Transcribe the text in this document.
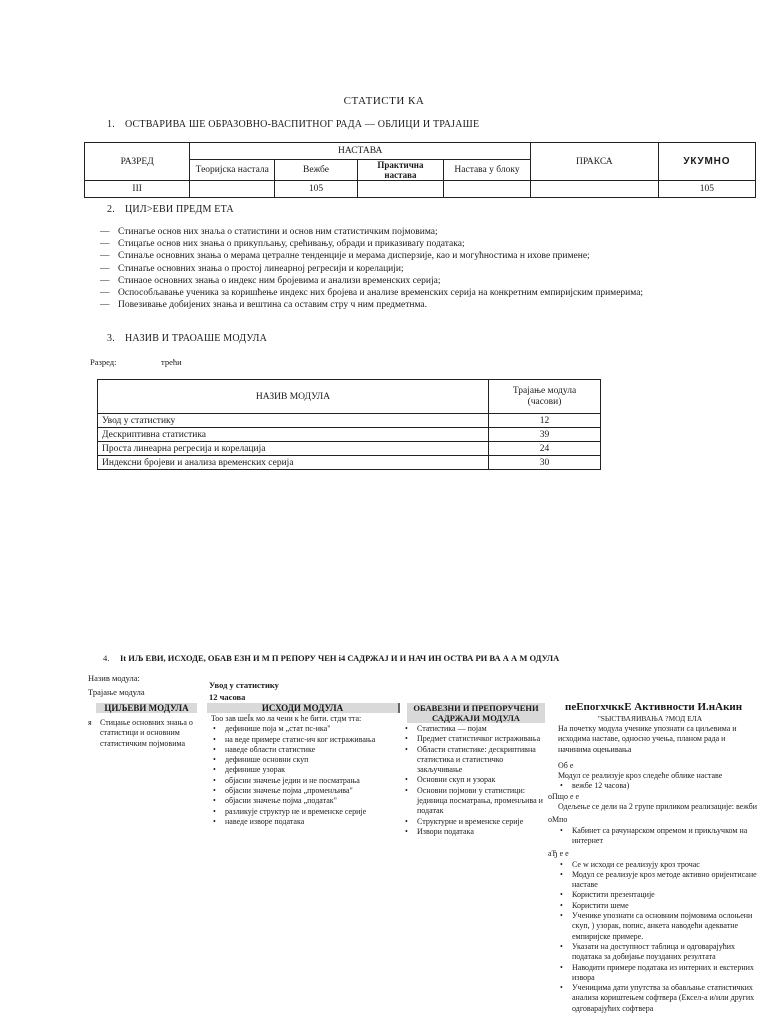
СТАТИСТИ КА
1. ОСТВАРИВА ШЕ ОБРАЗОВНО-ВАСПИТНОГ РАДА — ОБЛИЦИ И ТРАЈАШЕ
РАЗРЕД	НАСТАВА				ПРАКСА	УКУМНО
	Теоријска настала	Вежбе	Практична настава	Настава у блоку		
III		105				105
2. ЦИЛ>ЕВИ ПРЕДМ ЕТА
— Стинагье основ них знаља о статистини и основ ним статистичким појмовима;
— Стицаґье основ них знања о прикупљању, срећивању, обради и приказиваґу података;
— Стинаље основних знања о мерама цетралне тенденције и мерама дисперзије, као и могућностима н ихове примене;
— Стинаґье основних знања о простој линеарној регресији и корелацији;
— Стинаое основних знања о индекс ним бројевима и анализи временских серија;
— Оспособљавање ученика за коришћење индекс них бројева и анализе временских серија на конкретним емпиријским примерима;
— Повезивање добијених знања и вештина са оставим стру ч ним предметнма.
3. НАЗИВ И ТРАОАШЕ МОДУЛА
Разред:	трећи
НАЗИВ МОДУЛА	Трајање модула
(часови)

Увод у статистику	12
Дескриптивна статистика	39
Проста линеарна регресија и корелација	24
Индексни бројеви и анализа временских серија	30
4. It ИЉ ЕВИ, ИСХОДЕ, ОБАВ ЕЗН И М П РЕПОРУ ЧЕН i4 САДРЖАЈ И И НАЧ ИН ОСТВА РИ ВА А А М ОДУЛА
Назив модула:
Трајање модула
Увод у статистику
12 часова
ЦИЉЕВИ МОДУЛА
я Стицање основних знања о статистици и основним статистичким појмовима
ИСХОДИ МОДУЛА
Тоо зав шеЇк мо ла чени к he бити. стдм тта:
• дефинише поја м „стат пс-ика"
• на веде примере статис-ич ког истраживања
• наведе области статистике
• дефинише основни скуп
• дефинише узорак
• објасни значење једин и не посматрања
• објасни значење појма „променљива"
• објасни значење појма „податак"
• разликује структур не и временске серије
• наведе изворе података
ОБАВЕЗНИ И ПРЕПОРУЧЕНИ САДРЖАЈИ МОДУЛА
• Статистика — појам
• Предмет статистичког истраживања
• Области статистике: дескриптивна статистика и статистичко закључивање
• Основни скуп и узорак
• Основни појмови у статистици: јединица посматрања, променљива и податак
• Структурне и временске серије
• Извори података
пеЕпогхчккЕ Активности И.нАкин
''ЅЫСТВАЯИВАЊА ?МОД ЕЛА
На почетку модула ученике упознати са циљевима и исходима наставе, односно учења, планом рада и начинима оцењивања
Об е
Модул се реализује кроз следеће облике наставе
• вежбе 12 часова)
оПщо е е
Одељење се дели на 2 групе приликом реализације: вежби
оМпо
• Кабинет са рачунарском опремом и прикључком на интернет
аЂ е е
• Се w исходи се реализују кроз трочас
• Модул се реализује кроз методе активно оријентисане наставе
• Користити презентације
• Користити шеме
• Ученике упознати са основним појмовима ослоњени скуп, ) узорак, попис, анкета наводећи адекватне емпиријске примере.
• Указати на доступност таблица и одговарајућих података за добијање поузданих резултата
• Наводити примере података из интерних и екстерних извора
• Ученицима дати упутства за обављање статистичких анализа кориштењем софтвера (Ексел-а и/или других одговарајућих софтвера
